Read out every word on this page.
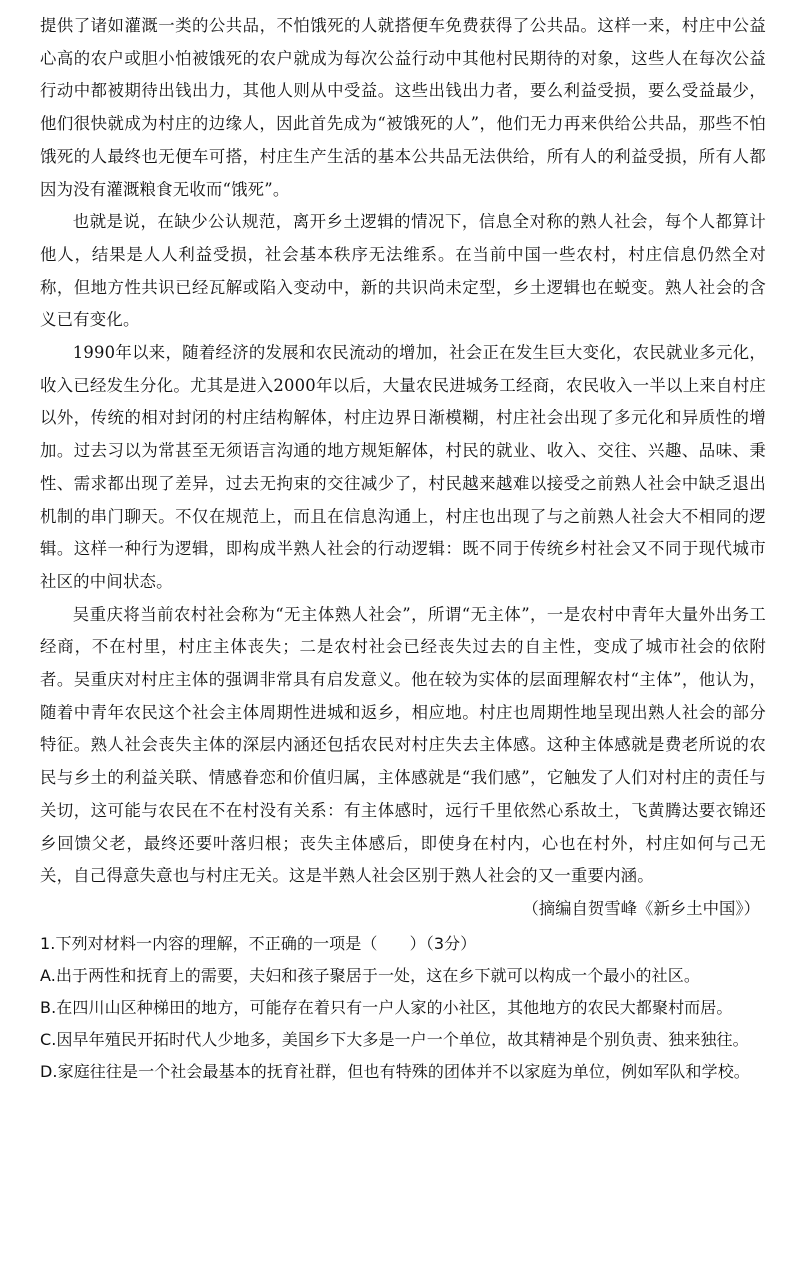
提供了诸如灌溉一类的公共品，不怕饿死的人就搭便车免费获得了公共品。这样一来，村庄中公益心高的农户或胆小怕被饿死的农户就成为每次公益行动中其他村民期待的对象，这些人在每次公益行动中都被期待出钱出力，其他人则从中受益。这些出钱出力者，要么利益受损，要么受益最少，他们很快就成为村庄的边缘人，因此首先成为“被饿死的人”，他们无力再来供给公共品，那些不怕饿死的人最终也无便车可搭，村庄生产生活的基本公共品无法供给，所有人的利益受损，所有人都因为没有灌溉粮食无收而“饿死”。

也就是说，在缺少公认规范，离开乡土逻辑的情况下，信息全对称的熟人社会，每个人都算计他人，结果是人人利益受损，社会基本秩序无法维系。在当前中国一些农村，村庄信息仍然全对称，但地方性共识已经瓦解或陷入变动中，新的共识尚未定型，乡土逻辑也在蜕变。熟人社会的含义已有变化。

1990年以来，随着经济的发展和农民流动的增加，社会正在发生巨大变化，农民就业多元化，收入已经发生分化。尤其是进入2000年以后，大量农民进城务工经商，农民收入一半以上来自村庄以外，传统的相对封闭的村庄结构解体，村庄边界日渐模糊，村庄社会出现了多元化和异质性的增加。过去习以为常甚至无须语言沟通的地方规矩解体，村民的就业、收入、交往、兴趣、品味、秉性、需求都出现了差异，过去无拘束的交往减少了，村民越来越难以接受之前熟人社会中缺乏退出机制的串门聊天。不仅在规范上，而且在信息沟通上，村庄也出现了与之前熟人社会大不相同的逻辑。这样一种行为逻辑，即构成半熟人社会的行动逻辑：既不同于传统乡村社会又不同于现代城市社区的中间状态。

吴重庆将当前农村社会称为“无主体熟人社会”，所谓“无主体”，一是农村中青年大量外出务工经商，不在村里，村庄主体丧失；二是农村社会已经丧失过去的自主性，变成了城市社会的依附者。吴重庆对村庄主体的强调非常具有启发意义。他在较为实体的层面理解农村“主体”，他认为，随着中青年农民这个社会主体周期性进城和返乡，相应地。村庄也周期性地呈现出熟人社会的部分特征。熟人社会丧失主体的深层内涵还包括农民对村庄失去主体感。这种主体感就是费老所说的农民与乡土的利益关联、情感眷恋和价值归属，主体感就是“我们感”，它触发了人们对村庄的责任与关切，这可能与农民在不在村没有关系：有主体感时，远行千里依然心系故土，飞黄腾达要衣锦还乡回馈父老，最终还要叶落归根；丧失主体感后，即使身在村内，心也在村外，村庄如何与己无关，自己得意失意也与村庄无关。这是半熟人社会区别于熟人社会的又一重要内涵。

（摘编自贺雪峰《新乡土中国》）

1.下列对材料一内容的理解，不正确的一项是（　　 ）（3分）

A.出于两性和抚育上的需要，夫妇和孩子聚居于一处，这在乡下就可以构成一个最小的社区。

B.在四川山区种梯田的地方，可能存在着只有一户人家的小社区，其他地方的农民大都聚村而居。

C.因早年殖民开拓时代人少地多，美国乡下大多是一户一个单位，故其精神是个别负责、独来独往。

D.家庭往往是一个社会最基本的抚育社群，但也有特殊的团体并不以家庭为单位，例如军队和学校。
